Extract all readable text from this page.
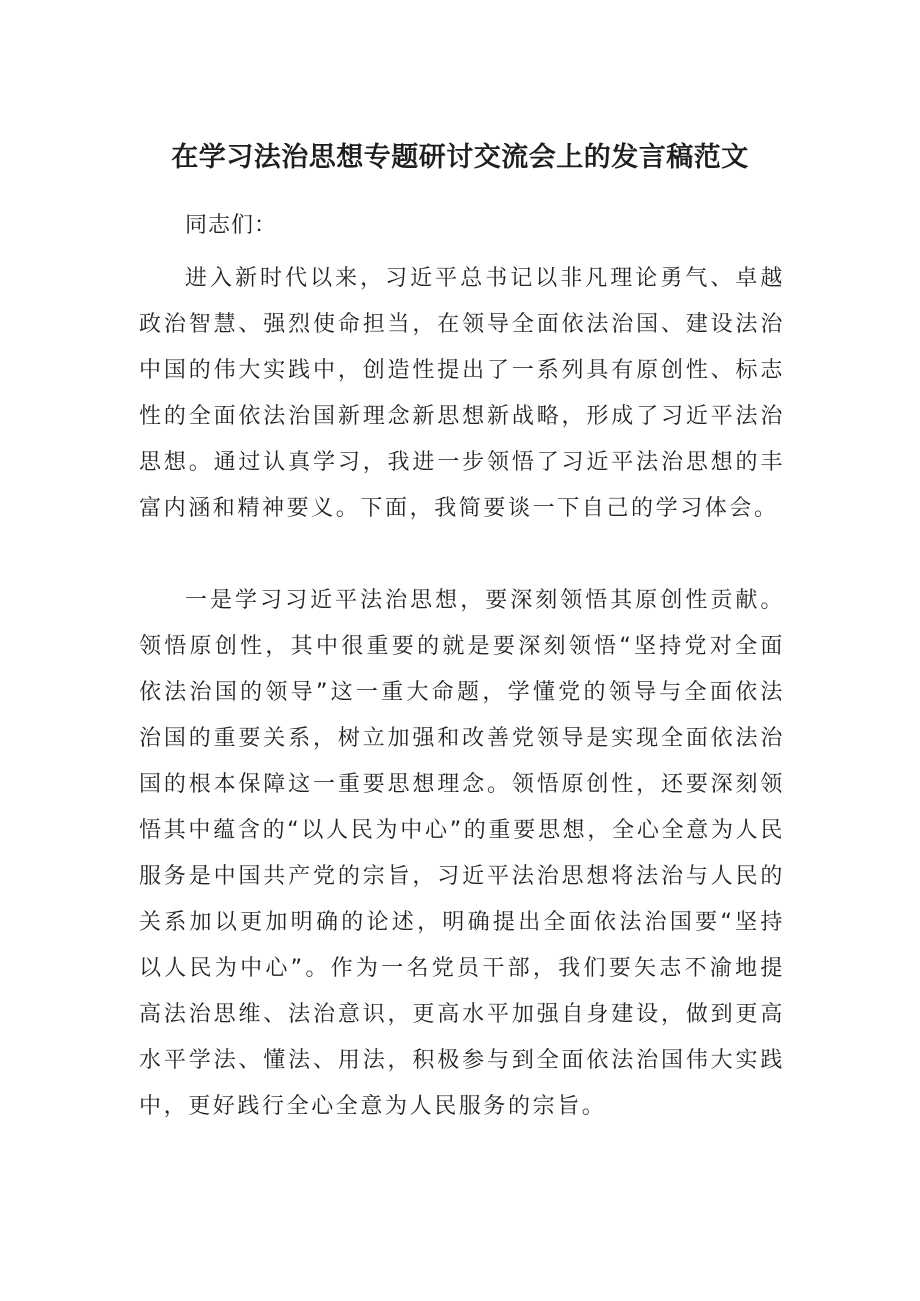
在学习法治思想专题研讨交流会上的发言稿范文

同志们：

进入新时代以来，习近平总书记以非凡理论勇气、卓越政治智慧、强烈使命担当，在领导全面依法治国、建设法治中国的伟大实践中，创造性提出了一系列具有原创性、标志性的全面依法治国新理念新思想新战略，形成了习近平法治思想。通过认真学习，我进一步领悟了习近平法治思想的丰富内涵和精神要义。下面，我简要谈一下自己的学习体会。

一是学习习近平法治思想，要深刻领悟其原创性贡献。领悟原创性，其中很重要的就是要深刻领悟“坚持党对全面依法治国的领导”这一重大命题，学懂党的领导与全面依法治国的重要关系，树立加强和改善党领导是实现全面依法治国的根本保障这一重要思想理念。领悟原创性，还要深刻领悟其中蕴含的“以人民为中心”的重要思想，全心全意为人民服务是中国共产党的宗旨，习近平法治思想将法治与人民的关系加以更加明确的论述，明确提出全面依法治国要“坚持以人民为中心”。作为一名党员干部，我们要矢志不渝地提高法治思维、法治意识，更高水平加强自身建设，做到更高水平学法、懂法、用法，积极参与到全面依法治国伟大实践中，更好践行全心全意为人民服务的宗旨。
